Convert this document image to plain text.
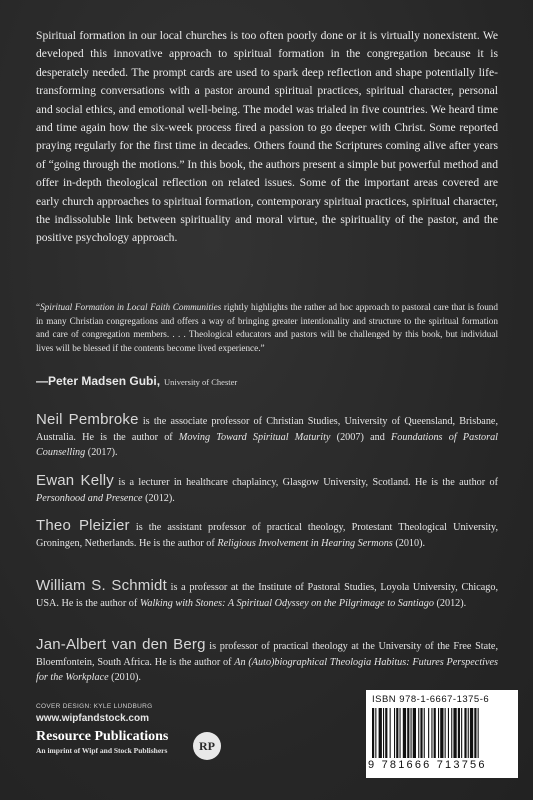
Spiritual formation in our local churches is too often poorly done or it is virtually nonexistent. We developed this innovative approach to spiritual formation in the congregation because it is desperately needed. The prompt cards are used to spark deep reflection and shape potentially life-transforming conversations with a pastor around spiritual practices, spiritual character, personal and social ethics, and emotional well-being. The model was trialed in five countries. We heard time and time again how the six-week process fired a passion to go deeper with Christ. Some reported praying regularly for the first time in decades. Others found the Scriptures coming alive after years of “going through the motions.” In this book, the authors present a simple but powerful method and offer in-depth theological reflection on related issues. Some of the important areas covered are early church approaches to spiritual formation, contemporary spiritual practices, spiritual character, the indissoluble link between spirituality and moral virtue, the spirituality of the pastor, and the positive psychology approach.

“Spiritual Formation in Local Faith Communities rightly highlights the rather ad hoc approach to pastoral care that is found in many Christian congregations and offers a way of bringing greater intentionality and structure to the spiritual formation and care of congregation members. . . . Theological educators and pastors will be challenged by this book, but individual lives will be blessed if the contents become lived experience.”

—Peter Madsen Gubi, University of Chester

Neil Pembroke is the associate professor of Christian Studies, University of Queensland, Brisbane, Australia. He is the author of Moving Toward Spiritual Maturity (2007) and Foundations of Pastoral Counselling (2017).

Ewan Kelly is a lecturer in healthcare chaplaincy, Glasgow University, Scotland. He is the author of Personhood and Presence (2012).

Theo Pleizier is the assistant professor of practical theology, Protestant Theological University, Groningen, Netherlands. He is the author of Religious Involvement in Hearing Sermons (2010).

William S. Schmidt is a professor at the Institute of Pastoral Studies, Loyola University, Chicago, USA. He is the author of Walking with Stones: A Spiritual Odyssey on the Pilgrimage to Santiago (2012).

Jan-Albert van den Berg is professor of practical theology at the University of the Free State, Bloemfontein, South Africa. He is the author of An (Auto)biographical Theologia Habitus: Futures Perspectives for the Workplace (2010).

COVER DESIGN: KYLE LUNDBURG
www.wipfandstock.com
Resource Publications
An imprint of Wipf and Stock Publishers	RP
ISBN 978-1-6667-1375-6
9 781666 713756
